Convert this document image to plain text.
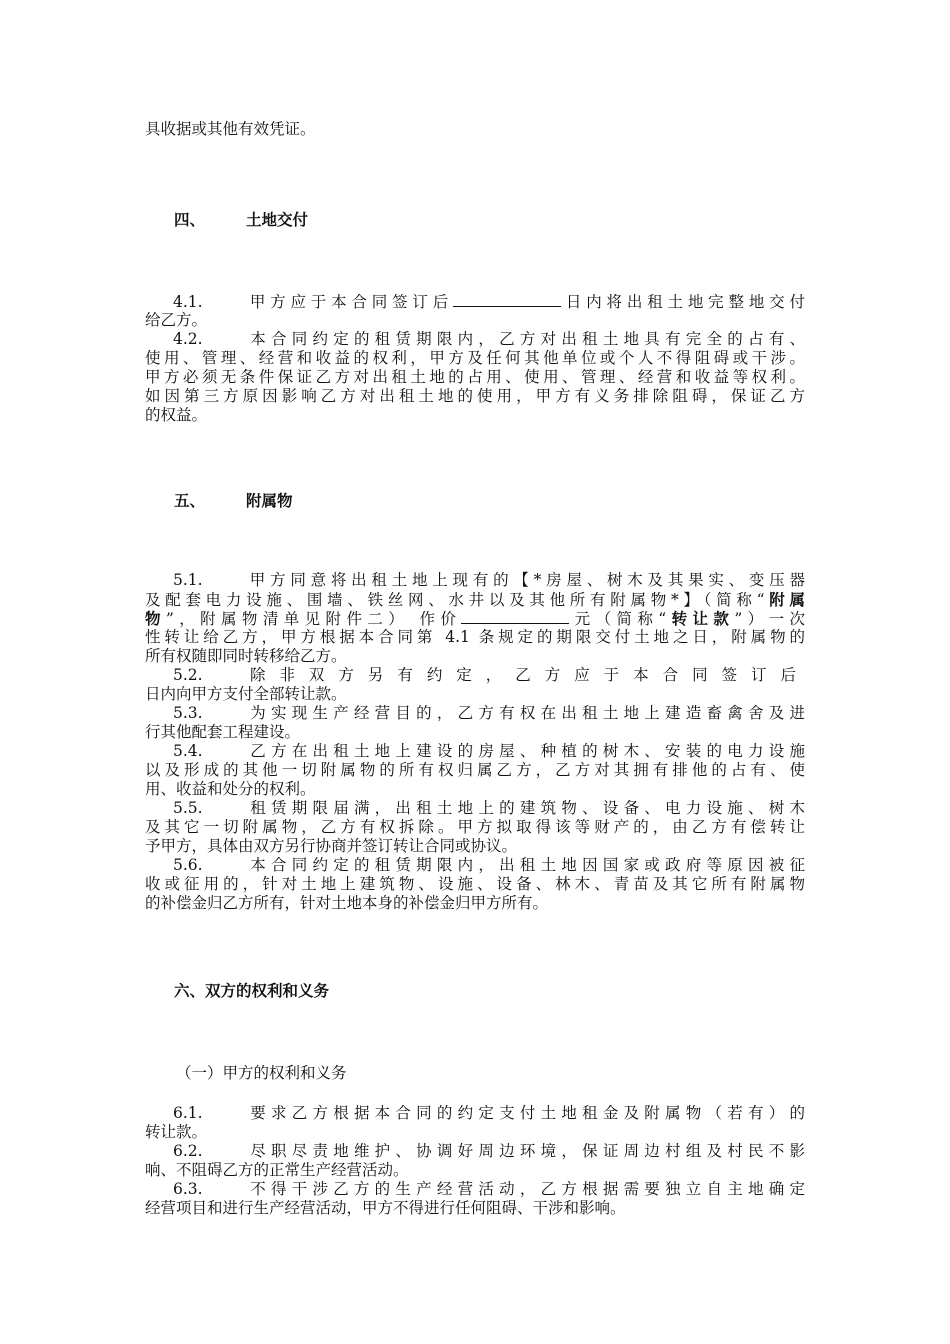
具收据或其他有效凭证。
四、	土地交付
4.1.	甲方应于本合同签订后	日内将出租土地完整地交付
给乙方。
4.2.	本合同约定的租赁期限内，乙方对出租土地具有完全的占有、
使用、管理、经营和收益的权利，甲方及任何其他单位或个人不得阻碍或干涉。
甲方必须无条件保证乙方对出租土地的占用、使用、管理、经营和收益等权利。
如因第三方原因影响乙方对出租土地的使用，甲方有义务排除阻碍，保证乙方
的权益。
五、	附属物
5.1.	甲方同意将出租土地上现有的【*房屋、树木及其果实、变压器
及配套电力设施、围墙、铁丝网、水井以及其他所有附属物*】（简称“附属
物”，附属物清单见附件二） 作价	元（简称“转让款”）一次
性转让给乙方，甲方根据本合同第 4.1 条规定的期限交付土地之日，附属物的
所有权随即同时转移给乙方。
5.2.	除非双方另有约定，乙方应于本合同签订后
日内向甲方支付全部转让款。
5.3.	为实现生产经营目的，乙方有权在出租土地上建造畜禽舍及进
行其他配套工程建设。
5.4.	乙方在出租土地上建设的房屋、种植的树木、安装的电力设施
以及形成的其他一切附属物的所有权归属乙方，乙方对其拥有排他的占有、使
用、收益和处分的权利。
5.5.	租赁期限届满，出租土地上的建筑物、设备、电力设施、树木
及其它一切附属物，乙方有权拆除。甲方拟取得该等财产的，由乙方有偿转让
予甲方，具体由双方另行协商并签订转让合同或协议。
5.6.	本合同约定的租赁期限内，出租土地因国家或政府等原因被征
收或征用的，针对土地上建筑物、设施、设备、林木、青苗及其它所有附属物
的补偿金归乙方所有，针对土地本身的补偿金归甲方所有。
六、双方的权利和义务
（一）甲方的权利和义务
6.1.	要求乙方根据本合同的约定支付土地租金及附属物（若有）的
转让款。
6.2.	尽职尽责地维护、协调好周边环境，保证周边村组及村民不影
响、不阻碍乙方的正常生产经营活动。
6.3.	不得干涉乙方的生产经营活动，乙方根据需要独立自主地确定
经营项目和进行生产经营活动，甲方不得进行任何阻碍、干涉和影响。
